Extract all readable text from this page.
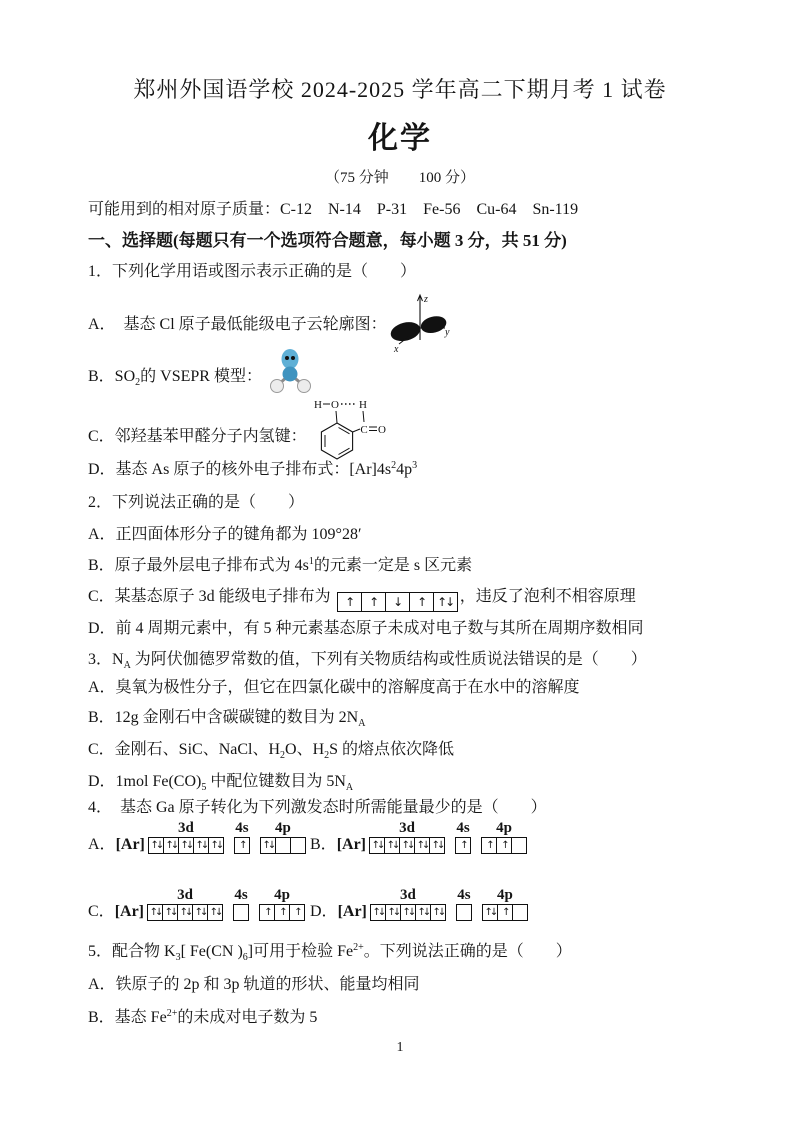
郑州外国语学校 2024-2025 学年高二下期月考 1 试卷
化学
（75 分钟　　100 分）
可能用到的相对原子质量：C-12　N-14　P-31　Fe-56　Cu-64　Sn-119
一、选择题(每题只有一个选项符合题意，每小题 3 分，共 51 分)
1．下列化学用语或图示表示正确的是（　　）
A．  基态 Cl 原子最低能级电子云轮廓图：
z
y
x
B．$SO_2$的 VSEPR 模型：
C．邻羟基苯甲醛分子内氢键：
H O H
C O
D．基态 As 原子的核外电子排布式：$[Ar]4s^24p^3$
2．下列说法正确的是（　　）
A．正四面体形分子的键角都为 109°28′
B．原子最外层电子排布式为 $4s^1$的元素一定是 s 区元素
C．某基态原子 3d 能级电子排布为 ↑	↑	↓	↑ ↑↓ ，违反了泡利不相容原理
D．前 4 周期元素中，有 5 种元素基态原子未成对电子数与其所在周期序数相同
3．$N_A$ 为阿伏伽德罗常数的值，下列有关物质结构或性质说法错误的是（　　）
A．臭氧为极性分子，但它在四氯化碳中的溶解度高于在水中的溶解度
B．12g 金刚石中含碳碳键的数目为 $2N_A$
C．金刚石、SiC、NaCl、$H_2O$、$H_2S$ 的熔点依次降低
D．1mol $Fe(CO)_5$ 中配位键数目为 $5N_A$
4．  基态 Ga 原子转化为下列激发态时所需能量最少的是（　　）
A． [Ar]
3d
↑↓ ↑↓ ↑↓ ↑↓ ↑↓
4s
↑
4p
↑↓ B． [Ar]
3d
↑↓ ↑↓ ↑↓ ↑↓ ↑↓
4s
↑
4p
↑ ↑
C． [Ar]
3d
↑↓ ↑↓ ↑↓ ↑↓ ↑↓
4s 4p
↑ ↑ ↑ D． [Ar]
3d
↑↓ ↑↓ ↑↓ ↑↓ ↑↓
4s 4p
↑↓ ↑
5．配合物 $K_3$[ Fe(CN )$_6$]可用于检验 $Fe^{2+}$。下列说法正确的是（　　）
A．铁原子的 2p 和 3p 轨道的形状、能量均相同
B．基态 $Fe^{2+}$的未成对电子数为 5
1
